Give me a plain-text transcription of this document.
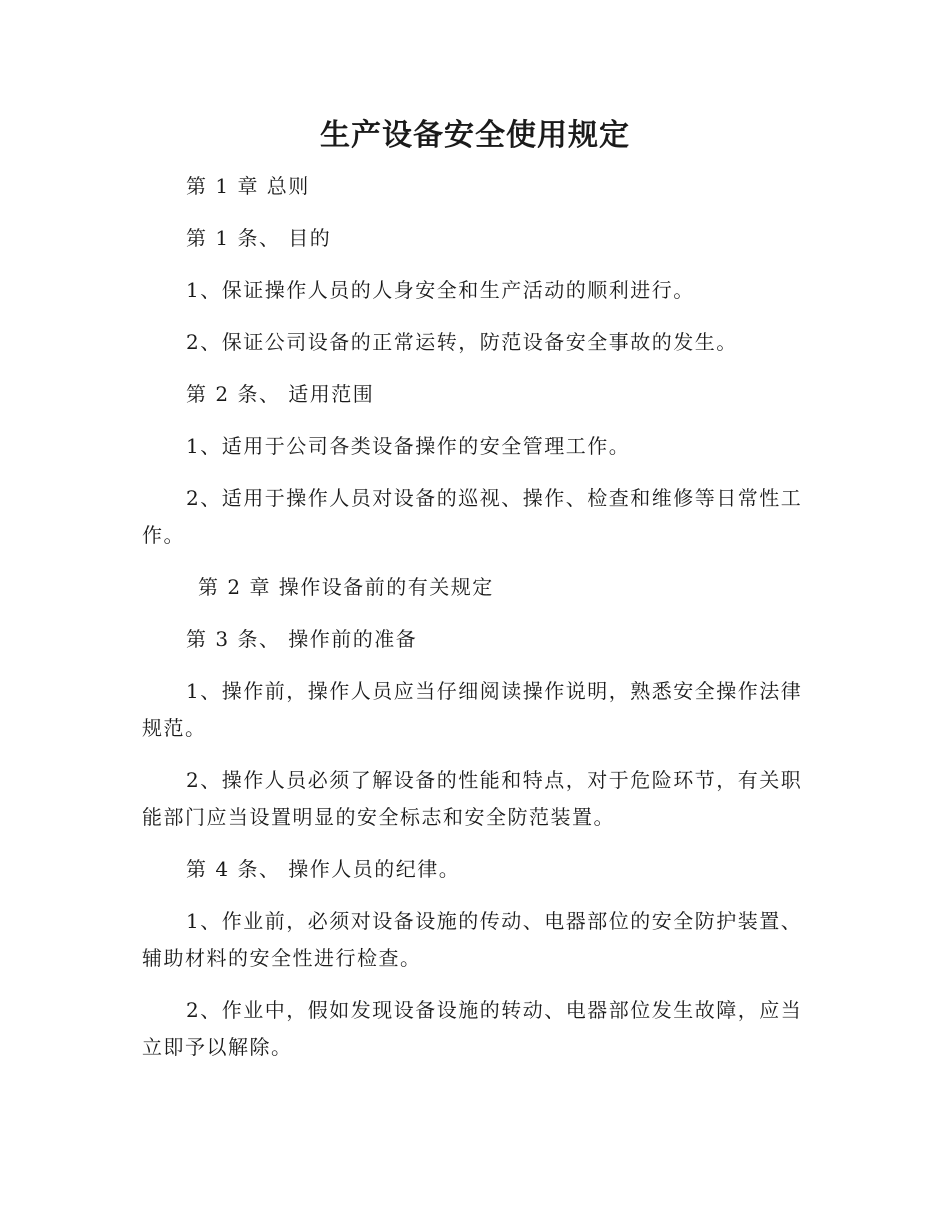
生产设备安全使用规定

第 1 章 总则

第 1 条、 目的

1、保证操作人员的人身安全和生产活动的顺利进行。

2、保证公司设备的正常运转，防范设备安全事故的发生。

第 2 条、 适用范围

1、适用于公司各类设备操作的安全管理工作。

2、适用于操作人员对设备的巡视、操作、检查和维修等日常性工作。

第 2 章 操作设备前的有关规定

第 3 条、 操作前的准备

1、操作前，操作人员应当仔细阅读操作说明，熟悉安全操作法律规范。

2、操作人员必须了解设备的性能和特点，对于危险环节，有关职能部门应当设置明显的安全标志和安全防范装置。

第 4 条、 操作人员的纪律。

1、作业前，必须对设备设施的传动、电器部位的安全防护装置、辅助材料的安全性进行检查。

2、作业中，假如发现设备设施的转动、电器部位发生故障，应当立即予以解除。
